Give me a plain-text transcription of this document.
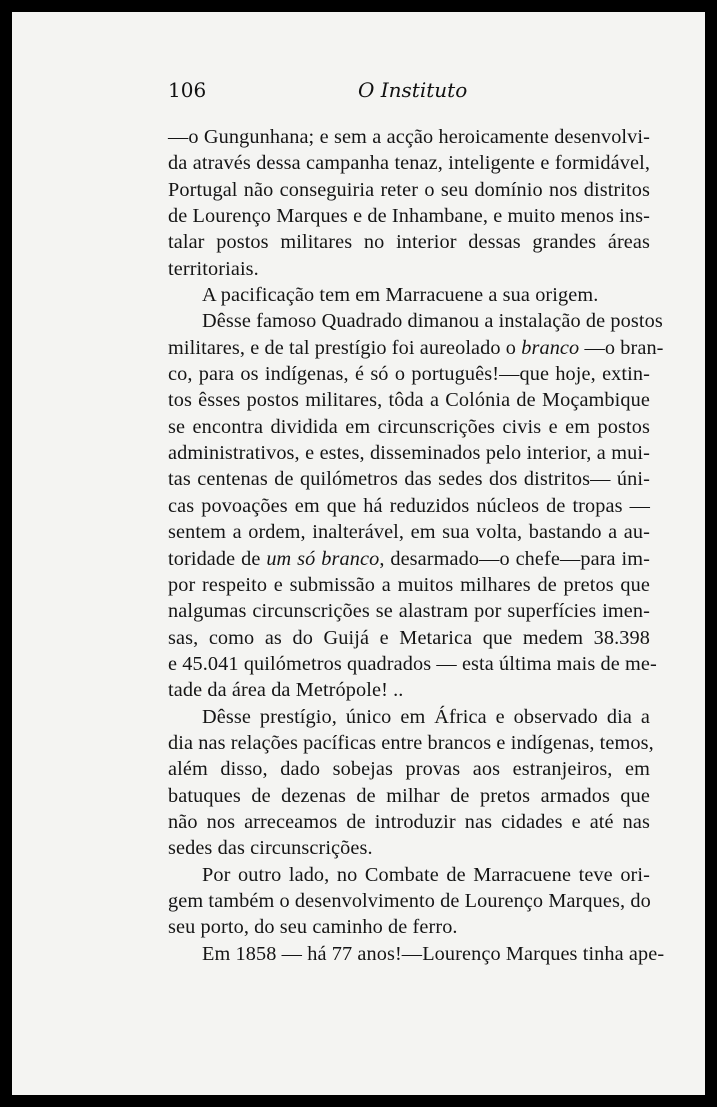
106	O Instituto
—o Gungunhana; e sem a acção heroicamente desenvolvi-
da através dessa campanha tenaz, inteligente e formidável,
Portugal não conseguiria reter o seu domínio nos distritos
de Lourenço Marques e de Inhambane, e muito menos ins-
talar postos militares no interior dessas grandes áreas
territoriais.
A pacificação tem em Marracuene a sua origem.
Dêsse famoso Quadrado dimanou a instalação de postos
militares, e de tal prestígio foi aureolado o branco —o bran-
co, para os indígenas, é só o português!—que hoje, extin-
tos êsses postos militares, tôda a Colónia de Moçambique
se encontra dividida em circunscrições civis e em postos
administrativos, e estes, disseminados pelo interior, a mui-
tas centenas de quilómetros das sedes dos distritos— úni-
cas povoações em que há reduzidos núcleos de tropas —
sentem a ordem, inalterável, em sua volta, bastando a au-
toridade de um só branco, desarmado—o chefe—para im-
por respeito e submissão a muitos milhares de pretos que
nalgumas circunscrições se alastram por superfícies imen-
sas, como as do Guijá e Metarica que medem 38.398
e 45.041 quilómetros quadrados — esta última mais de me-
tade da área da Metrópole! ..
Dêsse prestígio, único em África e observado dia a
dia nas relações pacíficas entre brancos e indígenas, temos,
além disso, dado sobejas provas aos estranjeiros, em
batuques de dezenas de milhar de pretos armados que
não nos arreceamos de introduzir nas cidades e até nas
sedes das circunscrições.
Por outro lado, no Combate de Marracuene teve ori-
gem também o desenvolvimento de Lourenço Marques, do
seu porto, do seu caminho de ferro.
Em 1858 — há 77 anos!—Lourenço Marques tinha ape-
